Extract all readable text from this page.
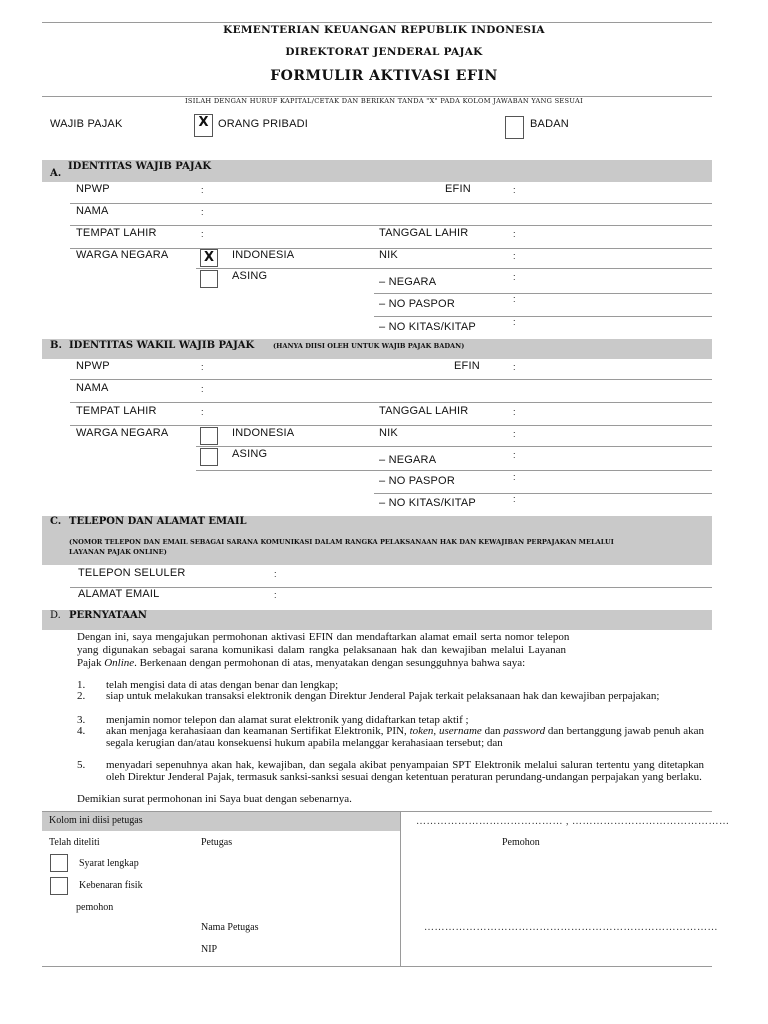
KEMENTERIAN KEUANGAN REPUBLIK INDONESIA
DIREKTORAT JENDERAL PAJAK
FORMULIR AKTIVASI EFIN
ISILAH DENGAN HURUF KAPITAL/CETAK DAN BERIKAN TANDA "X" PADA KOLOM JAWABAN YANG SESUAI
WAJIB PAJAK	X ORANG PRIBADI	BADAN
A.
IDENTITAS WAJIB PAJAK
NPWP	:	EFIN	:
NAMA	:
TEMPAT LAHIR	:	TANGGAL LAHIR	:
WARGA NEGARA	X	INDONESIA	NIK	:
ASING	– NEGARA	:
– NO PASPOR	:
– NO KITAS/KITAP	:
B. IDENTITAS WAKIL WAJIB PAJAK	(HANYA DIISI OLEH UNTUK WAJIB PAJAK BADAN)
NPWP	:	EFIN	:
NAMA	:
TEMPAT LAHIR	:	TANGGAL LAHIR	:
WARGA NEGARA	INDONESIA	NIK	:
ASING	– NEGARA	:
– NO PASPOR	:
– NO KITAS/KITAP	:
C. TELEPON DAN ALAMAT EMAIL
(NOMOR TELEPON DAN EMAIL SEBAGAI SARANA KOMUNIKASI DALAM RANGKA PELAKSANAAN HAK DAN KEWAJIBAN PERPAJAKAN MELALUI
LAYANAN PAJAK ONLINE)
TELEPON SELULER	:
ALAMAT EMAIL	:
D. PERNYATAAN
Dengan ini, saya mengajukan permohonan aktivasi EFIN dan mendaftarkan alamat email serta nomor telepon
yang digunakan sebagai sarana komunikasi dalam rangka pelaksanaan hak dan kewajiban melalui Layanan
Pajak Online. Berkenaan dengan permohonan di atas, menyatakan dengan sesungguhnya bahwa saya:
1. telah mengisi data di atas dengan benar dan lengkap;
2. siap untuk melakukan transaksi elektronik dengan Direktur Jenderal Pajak terkait pelaksanaan hak dan kewajiban perpajakan;
3. menjamin nomor telepon dan alamat surat elektronik yang didaftarkan tetap aktif ;
4. akan menjaga kerahasiaan dan keamanan Sertifikat Elektronik, PIN, token, username dan password dan bertanggung jawab penuh akan segala kerugian dan/atau konsekuensi hukum apabila melanggar kerahasiaan tersebut; dan
5. menyadari sepenuhnya akan hak, kewajiban, dan segala akibat penyampaian SPT Elektronik melalui saluran tertentu yang ditetapkan oleh Direktur Jenderal Pajak, termasuk sanksi-sanksi sesuai dengan ketentuan peraturan perundang-undangan perpajakan yang berlaku.
Demikian surat permohonan ini Saya buat dengan sebenarnya.
Kolom ini diisi petugas	…………………………………… , ………………………………………
Telah diteliti	Petugas	Pemohon
Syarat lengkap
Kebenaran fisik
pemohon
Nama Petugas	…………………………………………………………………………
NIP
